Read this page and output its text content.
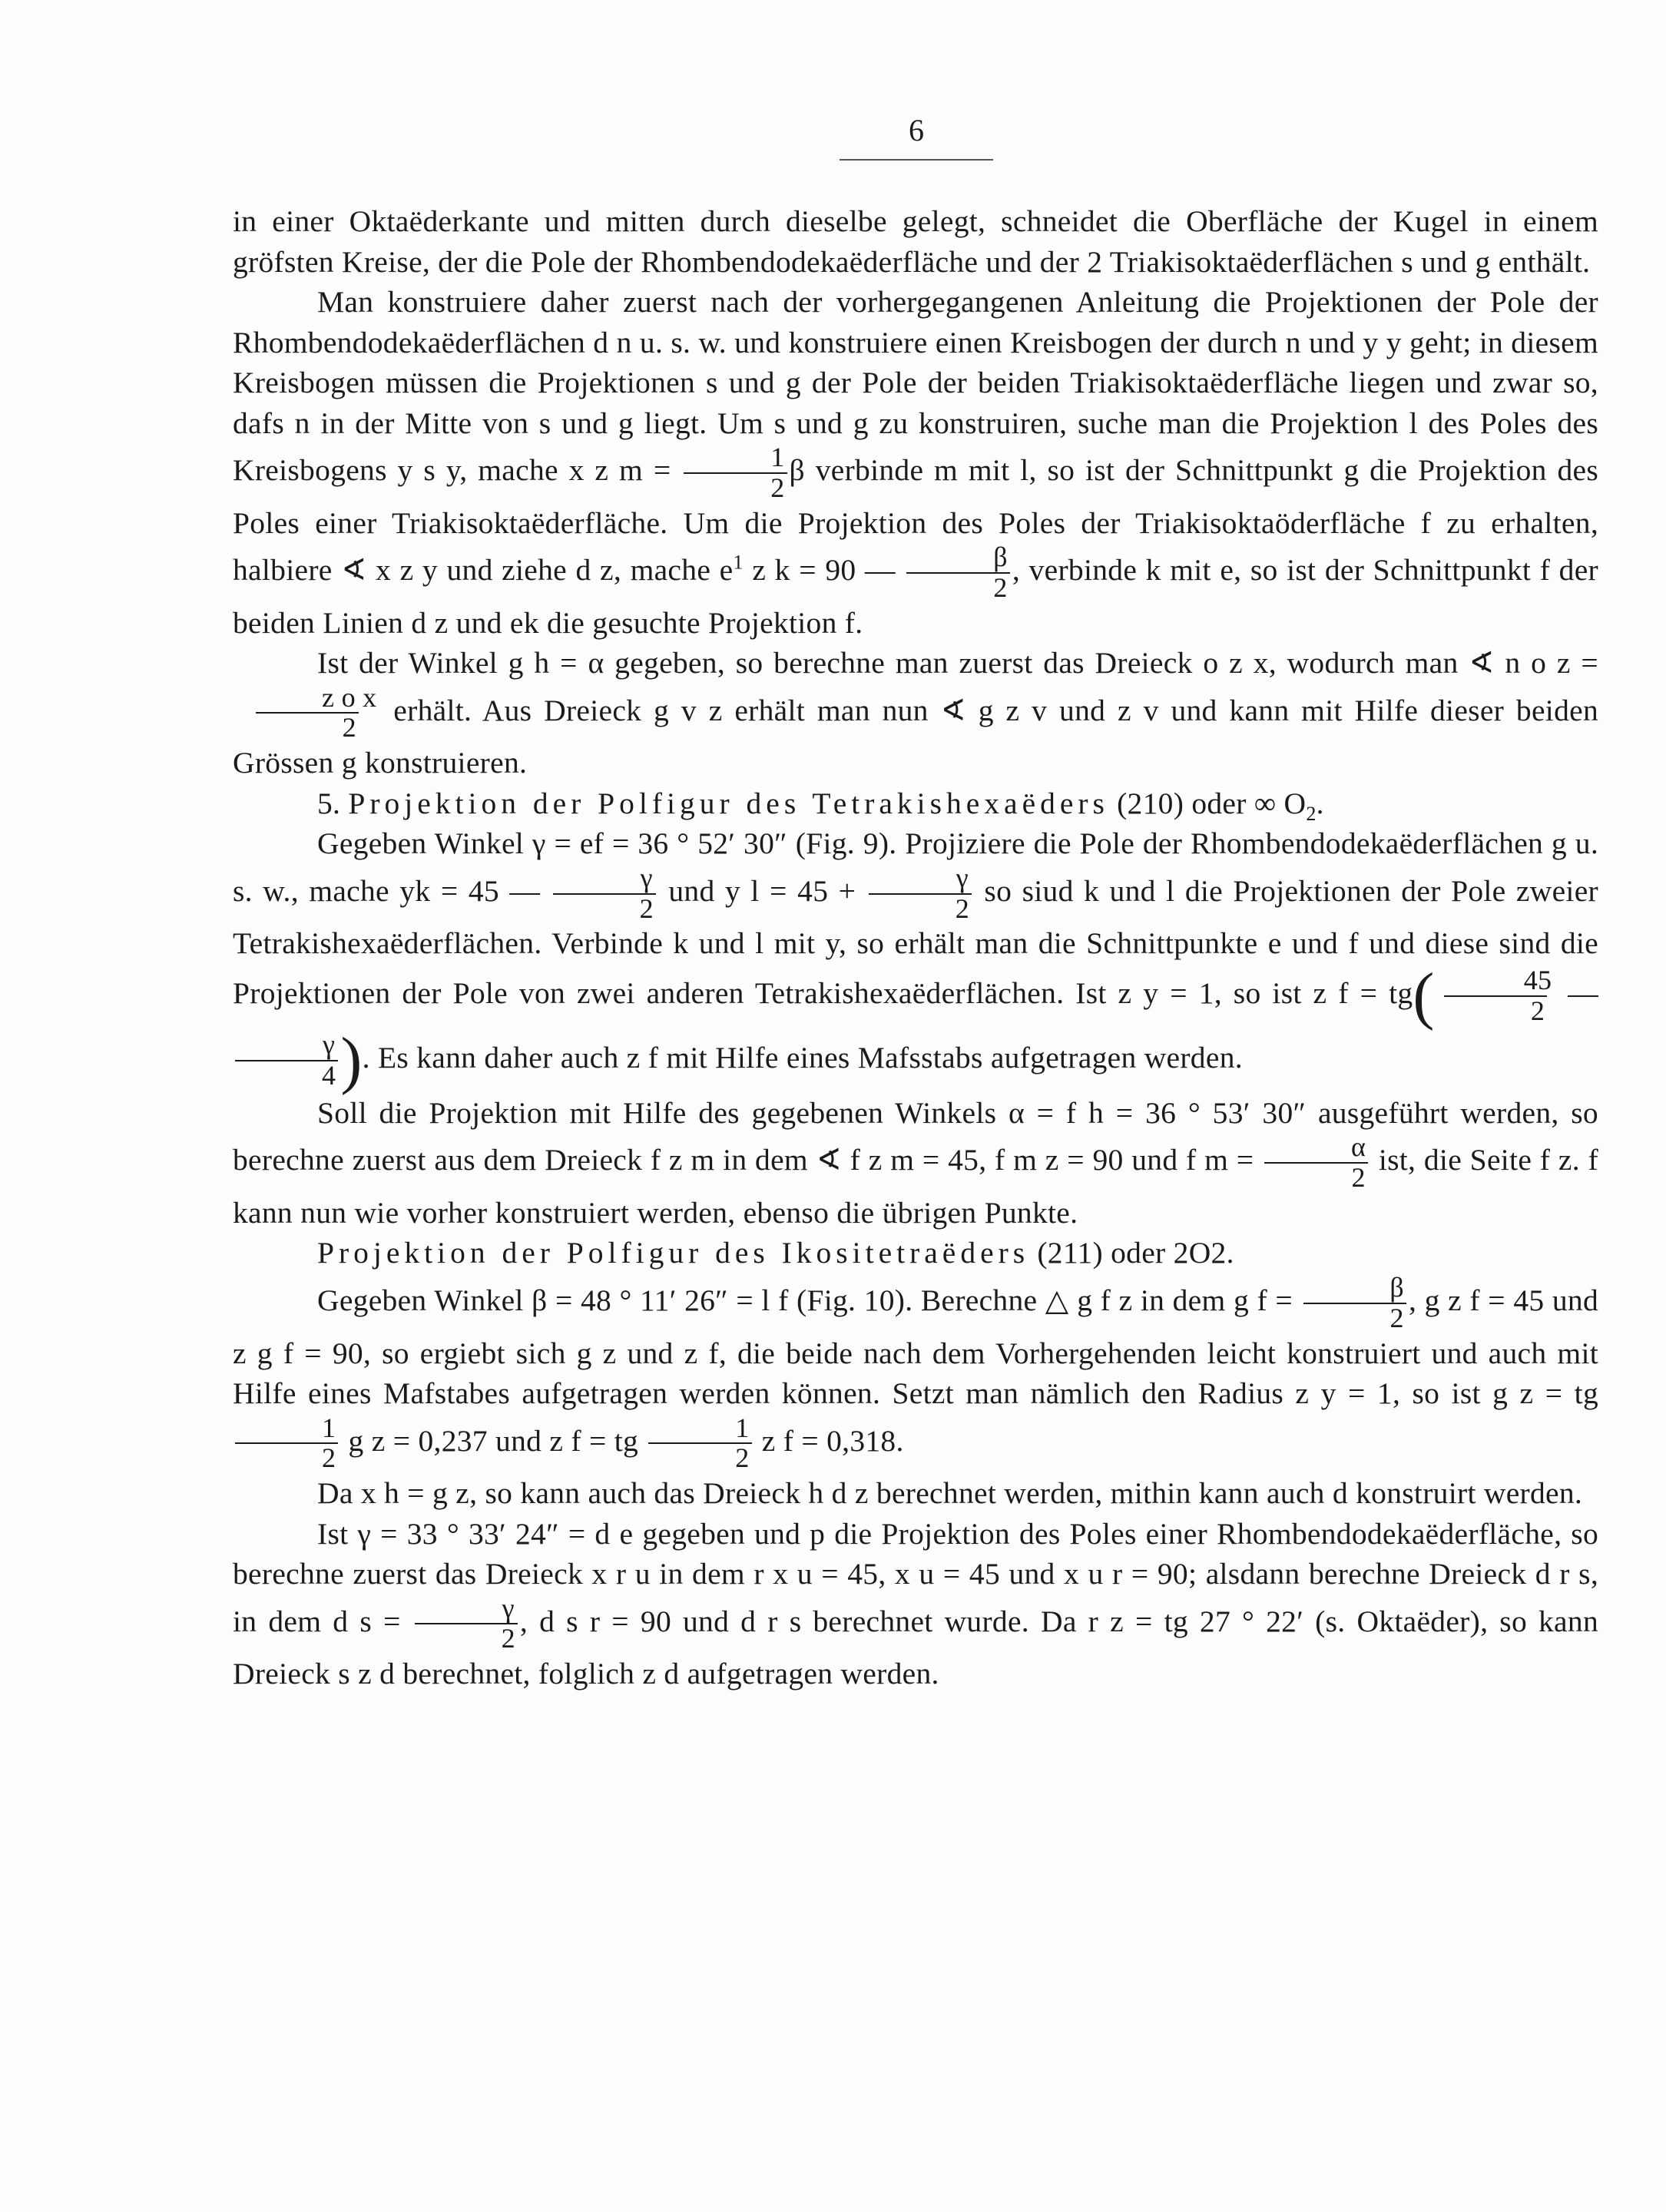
6

in einer Oktaëderkante und mitten durch dieselbe gelegt, schneidet die Oberfläche der Kugel in einem gröfsten Kreise, der die Pole der Rhombendodekaëderfläche und der 2 Triakisoktaëderflächen s und g enthält.

Man konstruiere daher zuerst nach der vorhergegangenen Anleitung die Projektionen der Pole der Rhombendodekaëderflächen d n u. s. w. und konstruiere einen Kreisbogen der durch n und y y geht; in diesem Kreisbogen müssen die Projektionen s und g der Pole der beiden Triakisoktaëderfläche liegen und zwar so, dafs n in der Mitte von s und g liegt. Um s und g zu konstruiren, suche man die Projektion l des Poles des Kreisbogens y s y, mache x z $m = \frac{1}{2}$ β verbinde m mit l, so ist der Schnittpunkt g die Projektion des Poles einer Triakisoktaëderfläche. Um die Projektion des Poles der Triakisoktaöderfläche f zu erhalten, halbiere ∢ x z y und ziehe d z, mache $e^1$ z k = 90 — $\frac{\beta}{2}$ , verbinde k mit e, so ist der Schnittpunkt f der beiden Linien d z und ek die gesuchte Projektion f.

Ist der Winkel g h = α gegeben, so berechne man zuerst das Dreieck o z x, wodurch man ∢ n o z =
$\frac{\text{z o x}}{2}$ erhält. Aus Dreieck g v z erhält man nun ∢ g z v und z v und kann mit Hilfe dieser beiden Grössen g konstruieren.

5. Projektion der Polfigur des Tetrakishexaëders (210) oder ∞ $O_2$.

Gegeben Winkel γ = ef = 36 ° 52′ 30″ (Fig. 9). Projiziere die Pole der Rhombendodekaëderflächen g u. s. w., mache yk = 45 — $\frac{\gamma}{2}$ und y $l = 45 + \frac{\gamma}{2}$ so siud k und l die Projektionen der Pole zweier Tetrakishexaëderflächen. Verbinde k und l mit y, so erhält man die Schnittpunkte e und f und diese sind die Projektionen der Pole von zwei anderen Tetrakishexaëderflächen. Ist z y = 1, so ist z $f = tg( \frac{45}{2}$ —
$\frac{\gamma}{4}$ ). Es kann daher auch z f mit Hilfe eines Mafsstabs aufgetragen werden.

Soll die Projektion mit Hilfe des gegebenen Winkels α = f h = 36 ° 53′ 30″ ausgeführt werden, so berechne zuerst aus dem Dreieck f z m in dem ∢ f z m = 45, f m z = 90 und f $m = \frac{\alpha}{2}$ ist, die Seite f z. f kann nun wie vorher konstruiert werden, ebenso die übrigen Punkte.

Projektion der Polfigur des Ikositetraëders (211) oder 2O2.

Gegeben Winkel β = 48 ° 11′ 26″ = l f (Fig. 10). Berechne △ g f z in dem g $f = \frac{\beta}{2}$ , g z f = 45 und z g f = 90, so ergiebt sich g z und z f, die beide nach dem Vorhergehenden leicht konstruiert und auch mit Hilfe eines Mafstabes aufgetragen werden können. Setzt man nämlich den Radius z y = 1, so ist g z = tg
$\frac{1}{2}$ g z = 0,237 und z f = tg $\frac{1}{2}$ z f = 0,318.

Da x h = g z, so kann auch das Dreieck h d z berechnet werden, mithin kann auch d konstruirt werden.

Ist γ = 33 ° 33′ 24″ = d e gegeben und p die Projektion des Poles einer Rhombendodekaëderfläche, so berechne zuerst das Dreieck x r u in dem r x u = 45, x u = 45 und x u r = 90; alsdann berechne Dreieck d r s, in dem d $s = \frac{\gamma}{2}$ , d s r = 90 und d r s berechnet wurde. Da r z = tg 27 ° 22′ (s. Oktaëder), so kann Dreieck s z d berechnet, folglich z d aufgetragen werden.
